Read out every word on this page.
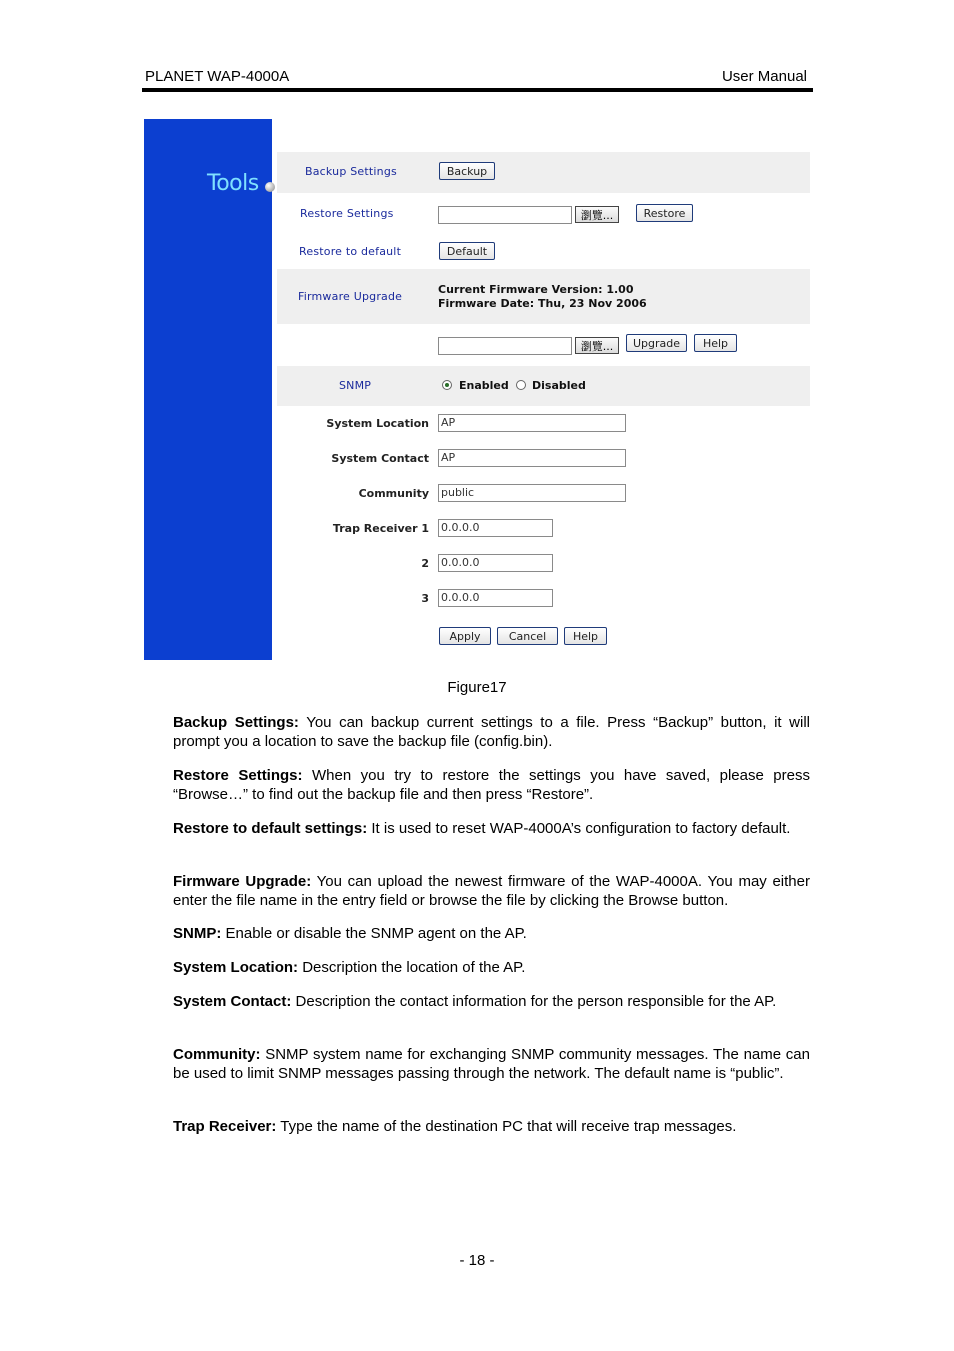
PLANET WAP-4000A	User Manual
Tools	Backup Settings	Backup
Restore Settings	瀏覽...	Restore
Restore to default	Default
Firmware Upgrade
Current Firmware Version: 1.00
Firmware Date: Thu, 23 Nov 2006
瀏覽...	Upgrade	Help
SNMP	Enabled Disabled
System Location AP
System Contact AP
Community public
Trap Receiver 1 0.0.0.0
2 0.0.0.0
3 0.0.0.0
Apply	Cancel	Help
Figure17

Backup Settings: You can backup current settings to a file. Press “Backup” button, it will prompt you a location to save the backup file (config.bin).

Restore Settings: When you try to restore the settings you have saved, please press “Browse…” to find out the backup file and then press “Restore”.

Restore to default settings: It is used to reset WAP-4000A’s configuration to factory default.

Firmware Upgrade: You can upload the newest firmware of the WAP-4000A. You may either enter the file name in the entry field or browse the file by clicking the Browse button.

SNMP: Enable or disable the SNMP agent on the AP.

System Location: Description the location of the AP.

System Contact: Description the contact information for the person responsible for the AP.

Community: SNMP system name for exchanging SNMP community messages. The name can be used to limit SNMP messages passing through the network. The default name is “public”.

Trap Receiver: Type the name of the destination PC that will receive trap messages.

- 18 -
